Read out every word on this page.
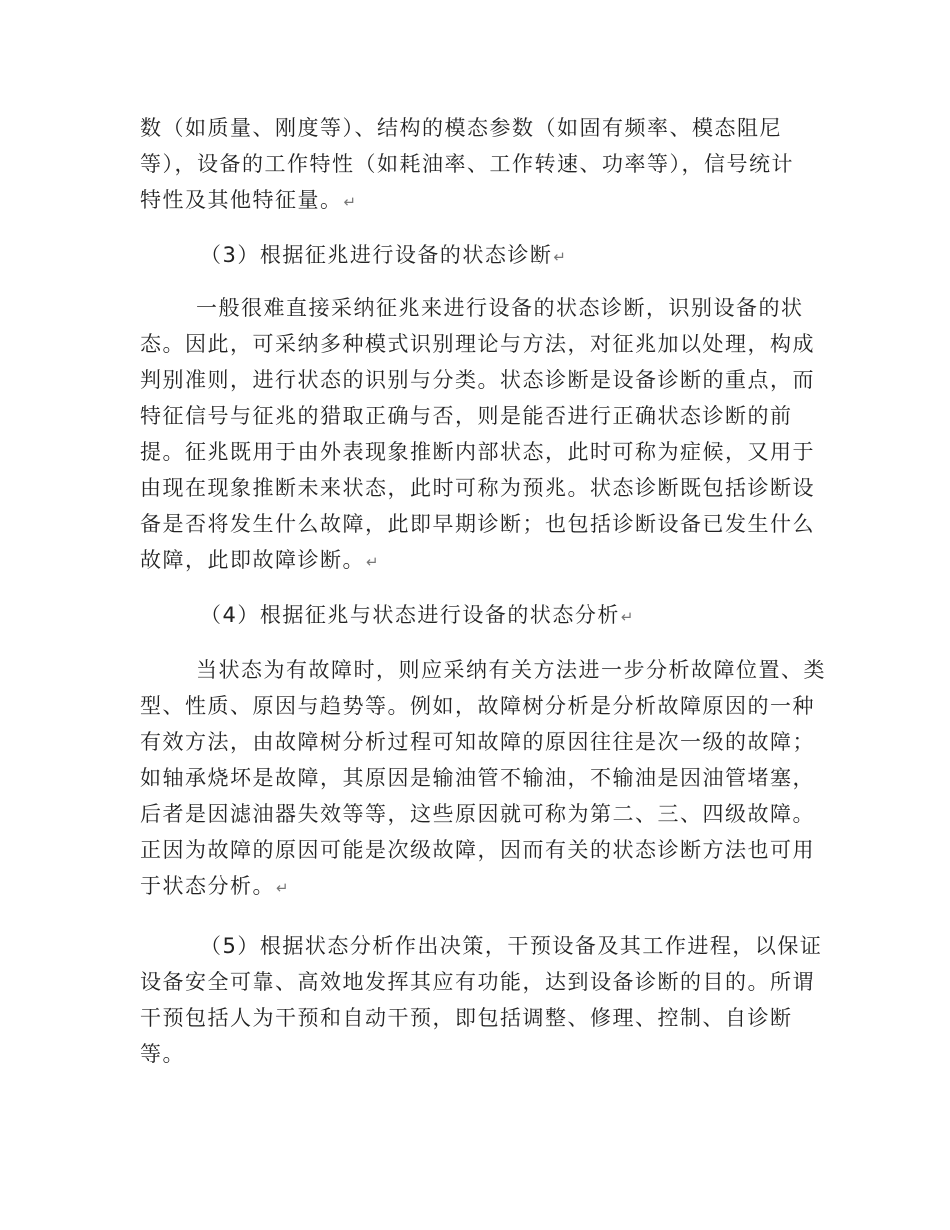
数（如质量、刚度等）、结构的模态参数（如固有频率、模态阻尼
等），设备的工作特性（如耗油率、工作转速、功率等），信号统计
特性及其他特征量。↵
（3）根据征兆进行设备的状态诊断↵
一般很难直接采纳征兆来进行设备的状态诊断，识别设备的状
态。因此，可采纳多种模式识别理论与方法，对征兆加以处理，构成
判别准则，进行状态的识别与分类。状态诊断是设备诊断的重点，而
特征信号与征兆的猎取正确与否，则是能否进行正确状态诊断的前
提。征兆既用于由外表现象推断内部状态，此时可称为症候，又用于
由现在现象推断未来状态，此时可称为预兆。状态诊断既包括诊断设
备是否将发生什么故障，此即早期诊断；也包括诊断设备已发生什么
故障，此即故障诊断。↵
（4）根据征兆与状态进行设备的状态分析↵
当状态为有故障时，则应采纳有关方法进一步分析故障位置、类
型、性质、原因与趋势等。例如，故障树分析是分析故障原因的一种
有效方法，由故障树分析过程可知故障的原因往往是次一级的故障；
如轴承烧坏是故障，其原因是输油管不输油，不输油是因油管堵塞，
后者是因滤油器失效等等，这些原因就可称为第二、三、四级故障。
正因为故障的原因可能是次级故障，因而有关的状态诊断方法也可用
于状态分析。↵
（5）根据状态分析作出决策，干预设备及其工作进程，以保证
设备安全可靠、高效地发挥其应有功能，达到设备诊断的目的。所谓
干预包括人为干预和自动干预，即包括调整、修理、控制、自诊断
等。
